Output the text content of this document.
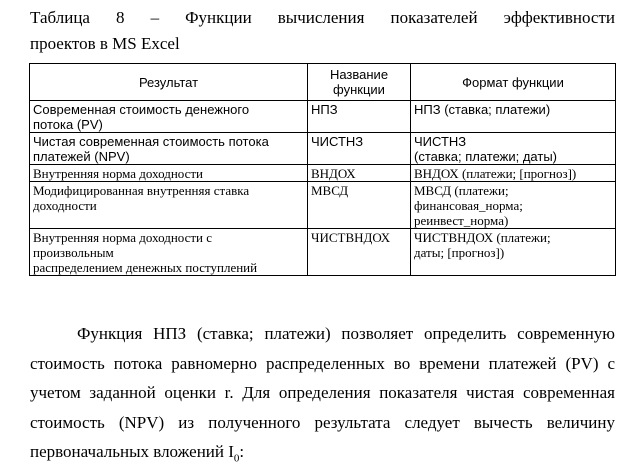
Таблица 8 – Функции вычисления показателей эффективности
проектов в MS Excel
Результат	Название функции	Формат функции

Современная стоимость денежного
потока (PV)	НПЗ	НПЗ (ставка; платежи)

Чистая современная стоимость потока
платежей (NPV)	ЧИСТНЗ	ЧИСТНЗ
(ставка; платежи; даты)

Внутренняя норма доходности	ВНДОХ	ВНДОХ (платежи; [прогноз])

Модифицированная внутренняя ставка
доходности	МВСД	МВСД (платежи;
финансовая_норма;
реинвест_норма)

Внутренняя норма доходности с
произвольным
распределением денежных поступлений	ЧИСТВНДОХ	ЧИСТВНДОХ (платежи;
даты; [прогноз])
Функция НПЗ (ставка; платежи) позволяет определить современную
стоимость потока равномерно распределенных во времени платежей (PV) с
учетом заданной оценки r. Для определения показателя чистая современная
стоимость (NPV) из полученного результата следует вычесть величину
первоначальных вложений $I_0$:
